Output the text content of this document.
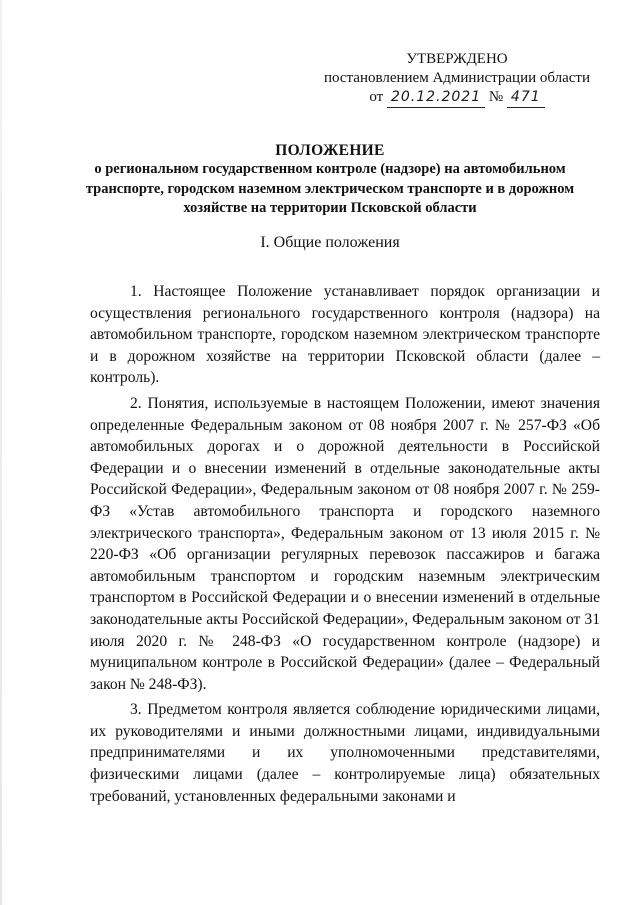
УТВЕРЖДЕНО
постановлением Администрации области
от 20.12.2021 № 471
ПОЛОЖЕНИЕ
о региональном государственном контроле (надзоре) на автомобильном транспорте, городском наземном электрическом транспорте и в дорожном хозяйстве на территории Псковской области
I. Общие положения

1. Настоящее Положение устанавливает порядок организации и осуществления регионального государственного контроля (надзора) на автомобильном транспорте, городском наземном электрическом транспорте и в дорожном хозяйстве на территории Псковской области (далее – контроль).

2. Понятия, используемые в настоящем Положении, имеют значения определенные Федеральным законом от 08 ноября 2007 г. № 257-ФЗ «Об автомобильных дорогах и о дорожной деятельности в Российской Федерации и о внесении изменений в отдельные законодательные акты Российской Федерации», Федеральным законом от 08 ноября 2007 г. № 259-ФЗ «Устав автомобильного транспорта и городского наземного электрического транспорта», Федеральным законом от 13 июля 2015 г. № 220-ФЗ «Об организации регулярных перевозок пассажиров и багажа автомобильным транспортом и городским наземным электрическим транспортом в Российской Федерации и о внесении изменений в отдельные законодательные акты Российской Федерации», Федеральным законом от 31 июля 2020 г. № 248-ФЗ «О государственном контроле (надзоре) и муниципальном контроле в Российской Федерации» (далее – Федеральный закон № 248-ФЗ).

3. Предметом контроля является соблюдение юридическими лицами, их руководителями и иными должностными лицами, индивидуальными предпринимателями и их уполномоченными представителями, физическими лицами (далее – контролируемые лица) обязательных требований, установленных федеральными законами и
